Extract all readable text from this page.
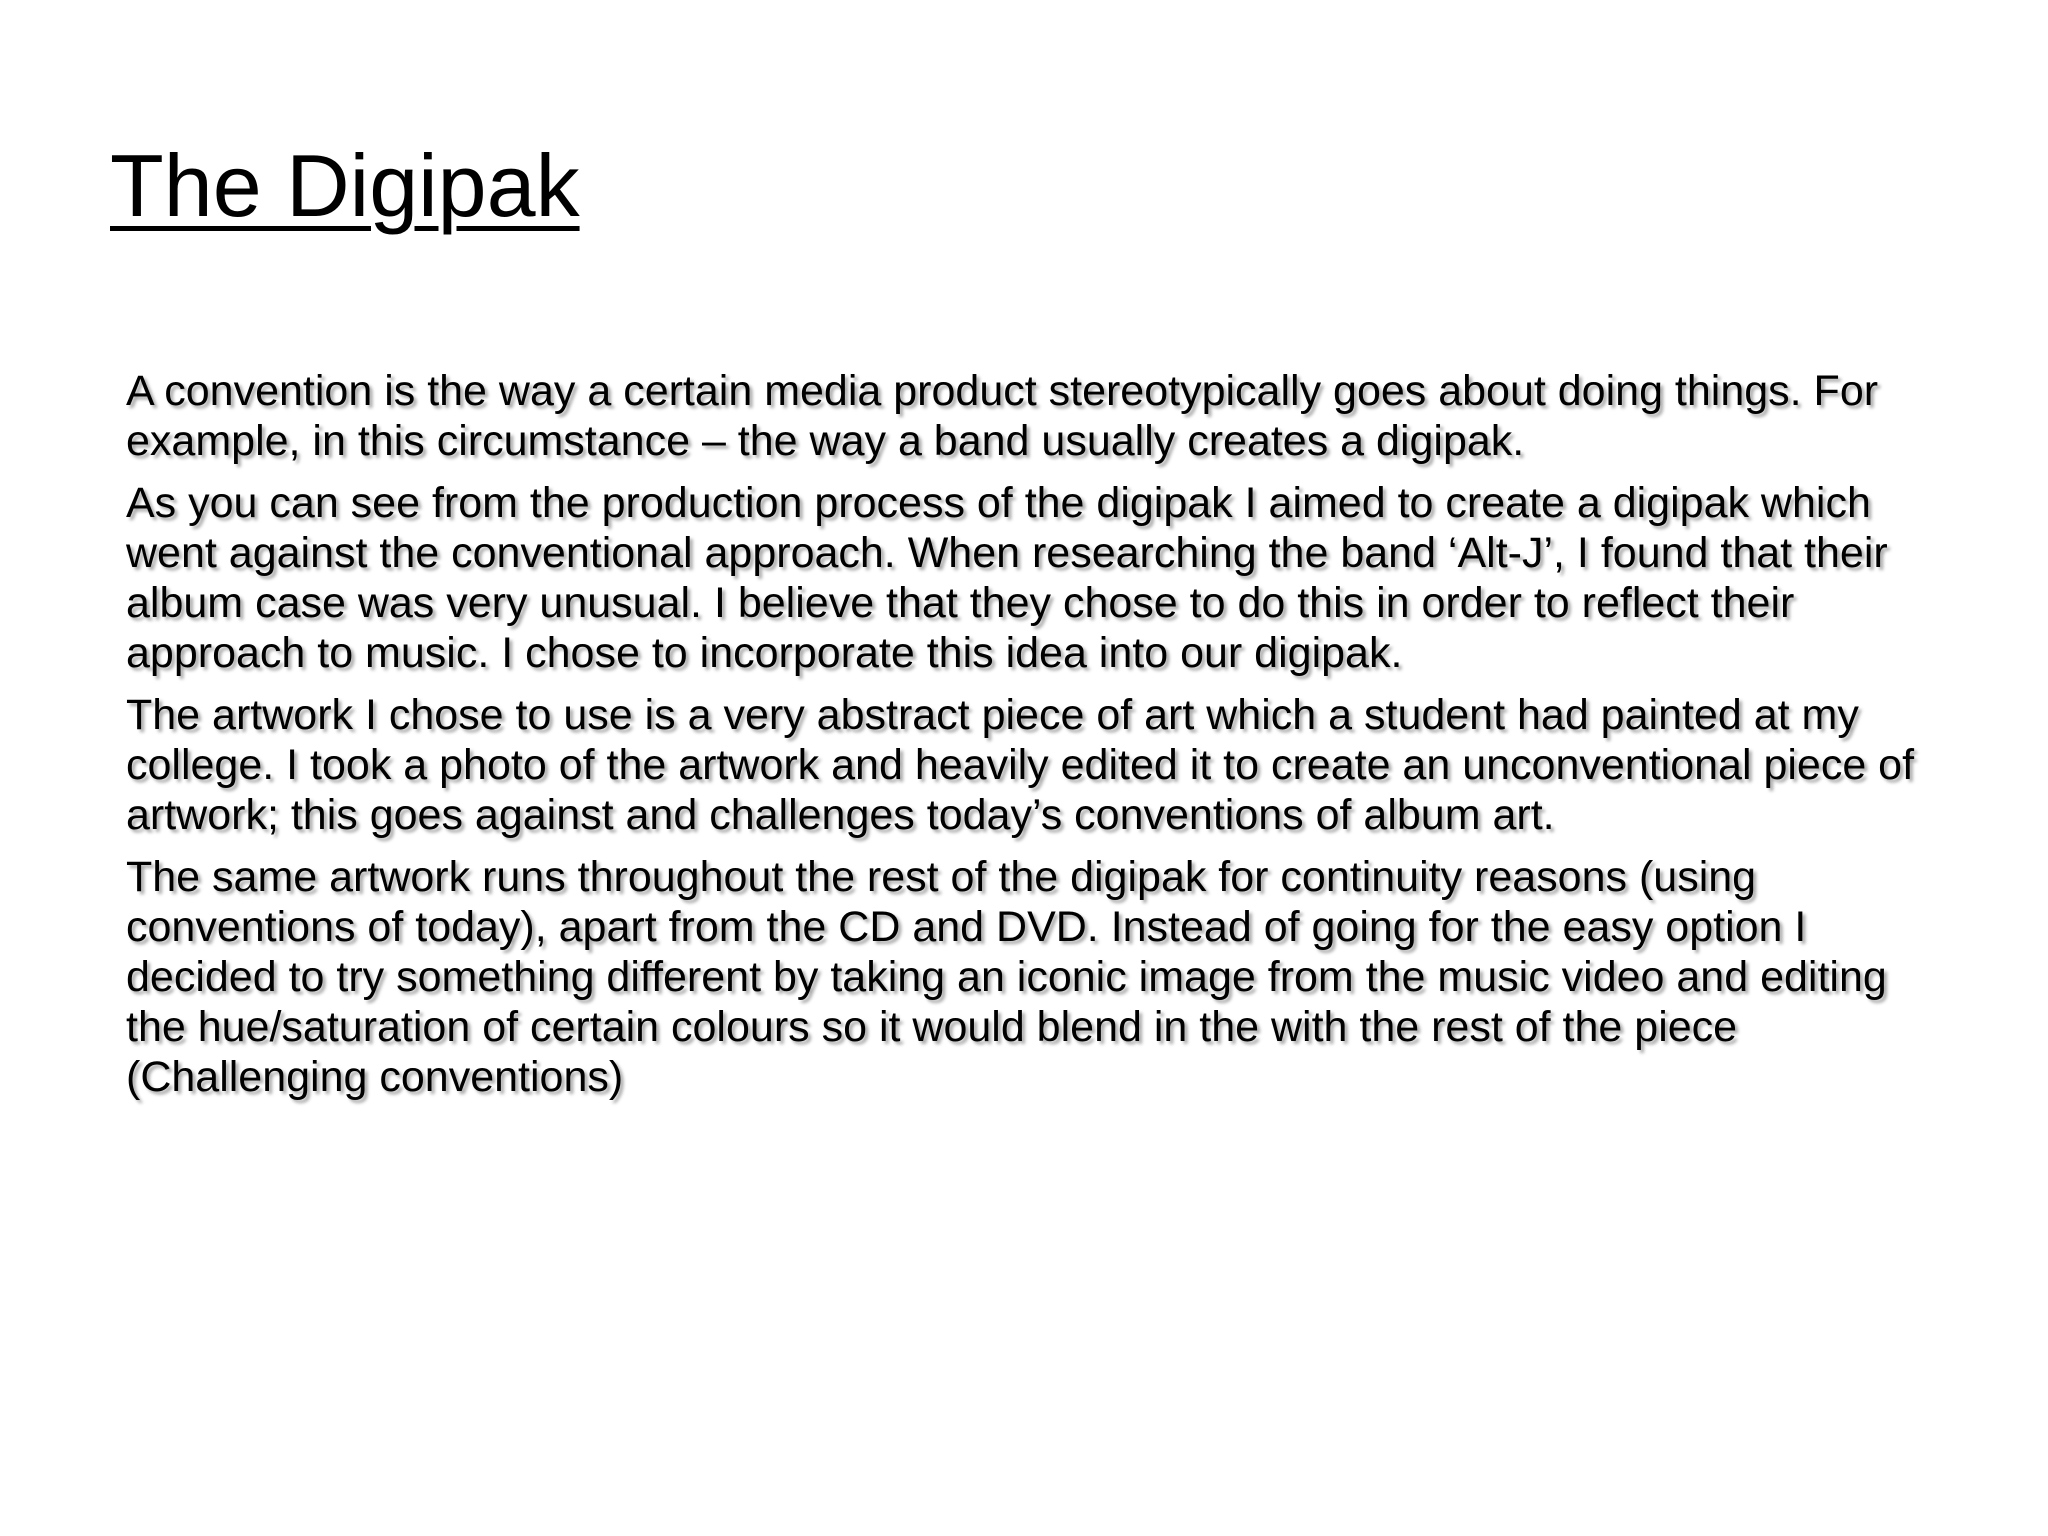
The Digipak
A convention is the way a certain media product stereotypically goes about doing things. For example, in this circumstance – the way a band usually creates a digipak.
As you can see from the production process of the digipak I aimed to create a digipak which went against the conventional approach. When researching the band ‘Alt-J’, I found that their album case was very unusual. I believe that they chose to do this in order to reflect their approach to music. I chose to incorporate this idea into our digipak.
The artwork I chose to use is a very abstract piece of art which a student had painted at my college. I took a photo of the artwork and heavily edited it to create an unconventional piece of artwork; this goes against and challenges today’s conventions of album art.
The same artwork runs throughout the rest of the digipak for continuity reasons (using conventions of today), apart from the CD and DVD. Instead of going for the easy option I decided to try something different by taking an iconic image from the music video and editing the hue/saturation of certain colours so it would blend in the with the rest of the piece (Challenging conventions)
